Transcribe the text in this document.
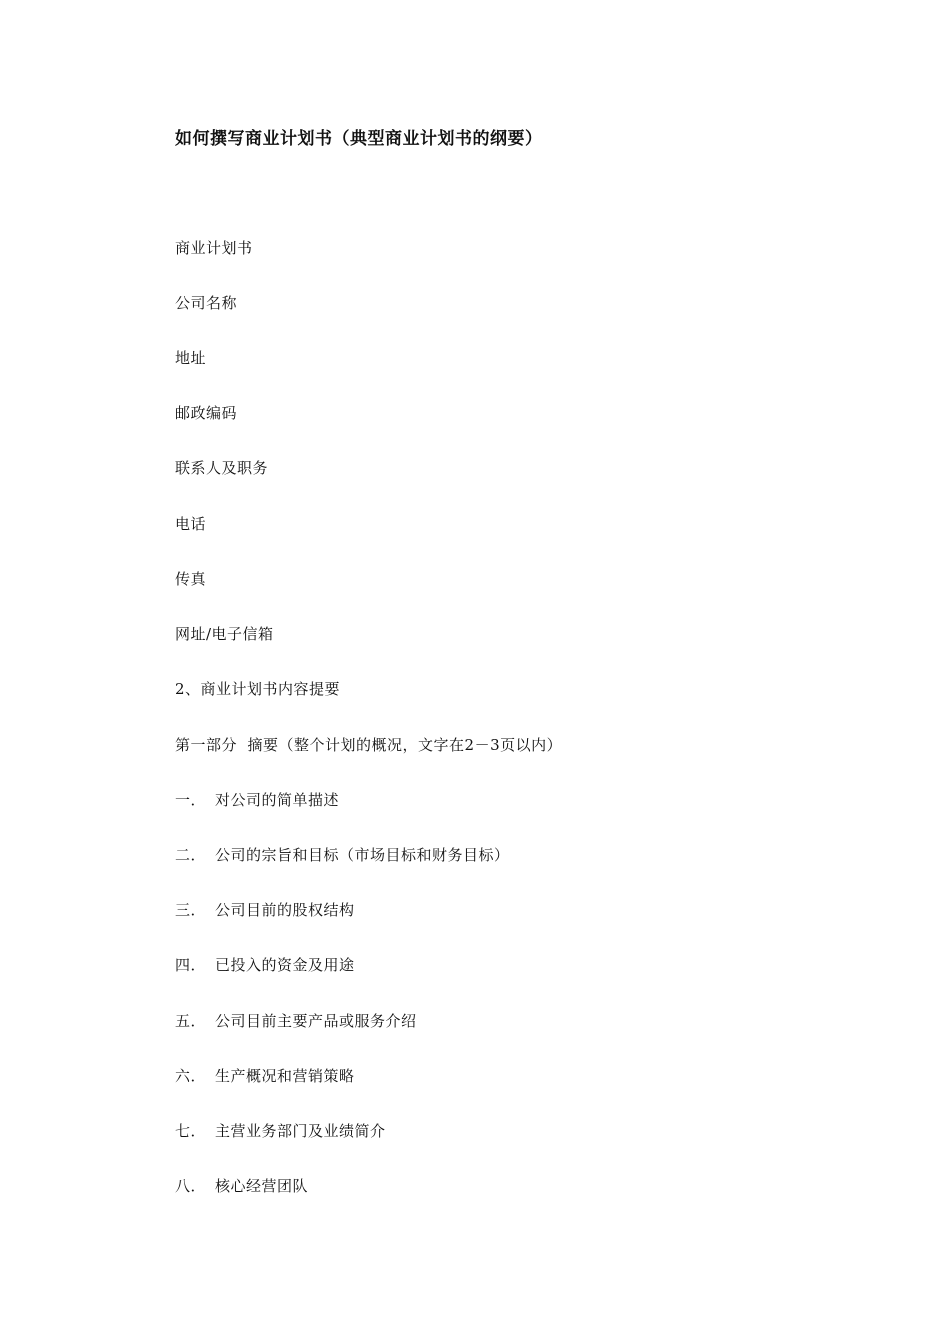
如何撰写商业计划书（典型商业计划书的纲要）
商业计划书
公司名称
地址
邮政编码
联系人及职务
电话
传真
网址/电子信箱
2、商业计划书内容提要
第一部分  摘要（整个计划的概况，文字在2－3页以内）
一． 对公司的简单描述
二． 公司的宗旨和目标（市场目标和财务目标）
三． 公司目前的股权结构
四． 已投入的资金及用途
五． 公司目前主要产品或服务介绍
六． 生产概况和营销策略
七． 主营业务部门及业绩简介
八． 核心经营团队
